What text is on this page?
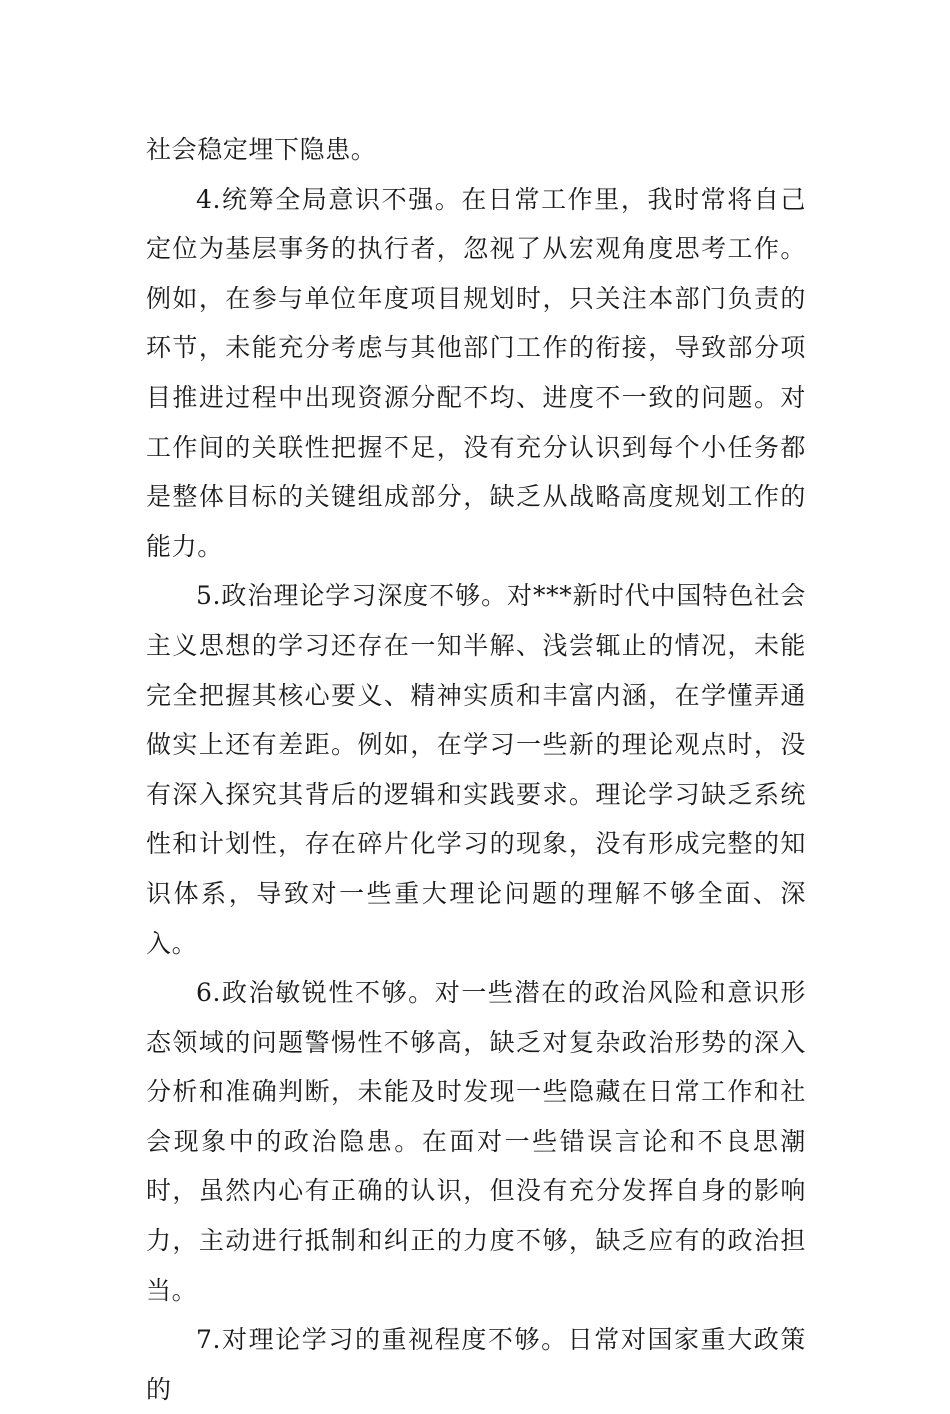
社会稳定埋下隐患。

4.统筹全局意识不强。在日常工作里，我时常将自己定位为基层事务的执行者，忽视了从宏观角度思考工作。例如，在参与单位年度项目规划时，只关注本部门负责的环节，未能充分考虑与其他部门工作的衔接，导致部分项目推进过程中出现资源分配不均、进度不一致的问题。对工作间的关联性把握不足，没有充分认识到每个小任务都是整体目标的关键组成部分，缺乏从战略高度规划工作的能力。

5.政治理论学习深度不够。对***新时代中国特色社会主义思想的学习还存在一知半解、浅尝辄止的情况，未能完全把握其核心要义、精神实质和丰富内涵，在学懂弄通做实上还有差距。例如，在学习一些新的理论观点时，没有深入探究其背后的逻辑和实践要求。理论学习缺乏系统性和计划性，存在碎片化学习的现象，没有形成完整的知识体系，导致对一些重大理论问题的理解不够全面、深入。

6.政治敏锐性不够。对一些潜在的政治风险和意识形态领域的问题警惕性不够高，缺乏对复杂政治形势的深入分析和准确判断，未能及时发现一些隐藏在日常工作和社会现象中的政治隐患。在面对一些错误言论和不良思潮时，虽然内心有正确的认识，但没有充分发挥自身的影响力，主动进行抵制和纠正的力度不够，缺乏应有的政治担当。

7.对理论学习的重视程度不够。日常对国家重大政策的
